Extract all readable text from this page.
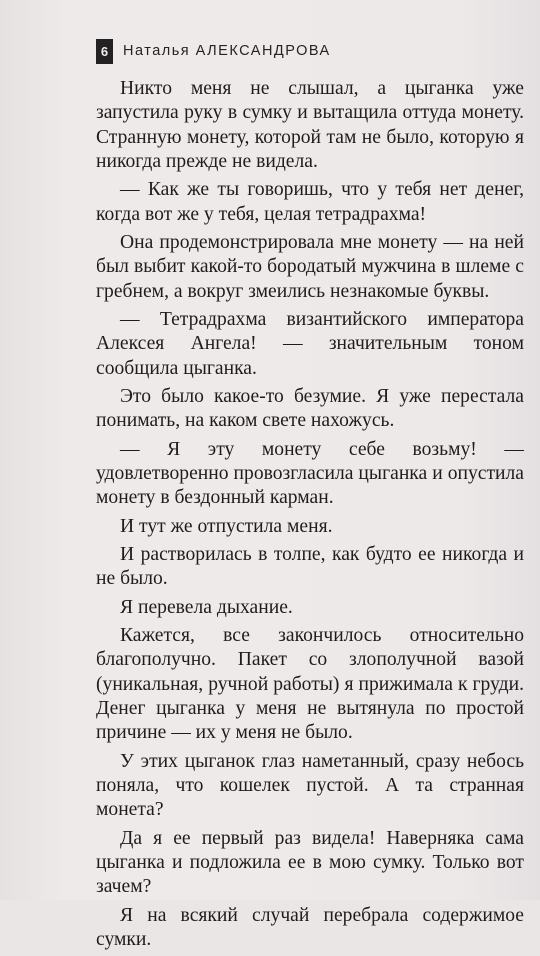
6	Наталья АЛЕКСАНДРОВА

Никто меня не слышал, а цыганка уже запустила руку в сумку и вытащила оттуда монету. Странную монету, которой там не было, которую я никогда прежде не видела.

— Как же ты говоришь, что у тебя нет денег, когда вот же у тебя, целая тетрадрахма!

Она продемонстрировала мне монету — на ней был выбит какой-то бородатый мужчина в шлеме с гребнем, а вокруг змеились незнакомые буквы.

— Тетрадрахма византийского императора Алексея Ангела! — значительным тоном сообщила цыганка.

Это было какое-то безумие. Я уже перестала понимать, на каком свете нахожусь.

— Я эту монету себе возьму! — удовлетворенно провозгласила цыганка и опустила монету в бездонный карман.

И тут же отпустила меня.

И растворилась в толпе, как будто ее никогда и не было.

Я перевела дыхание.

Кажется, все закончилось относительно благополучно. Пакет со злополучной вазой (уникальная, ручной работы) я прижимала к груди. Денег цыганка у меня не вытянула по простой причине — их у меня не было.

У этих цыганок глаз наметанный, сразу небось поняла, что кошелек пустой. А та странная монета?

Да я ее первый раз видела! Наверняка сама цыганка и подложила ее в мою сумку. Только вот зачем?

Я на всякий случай перебрала содержимое сумки.
